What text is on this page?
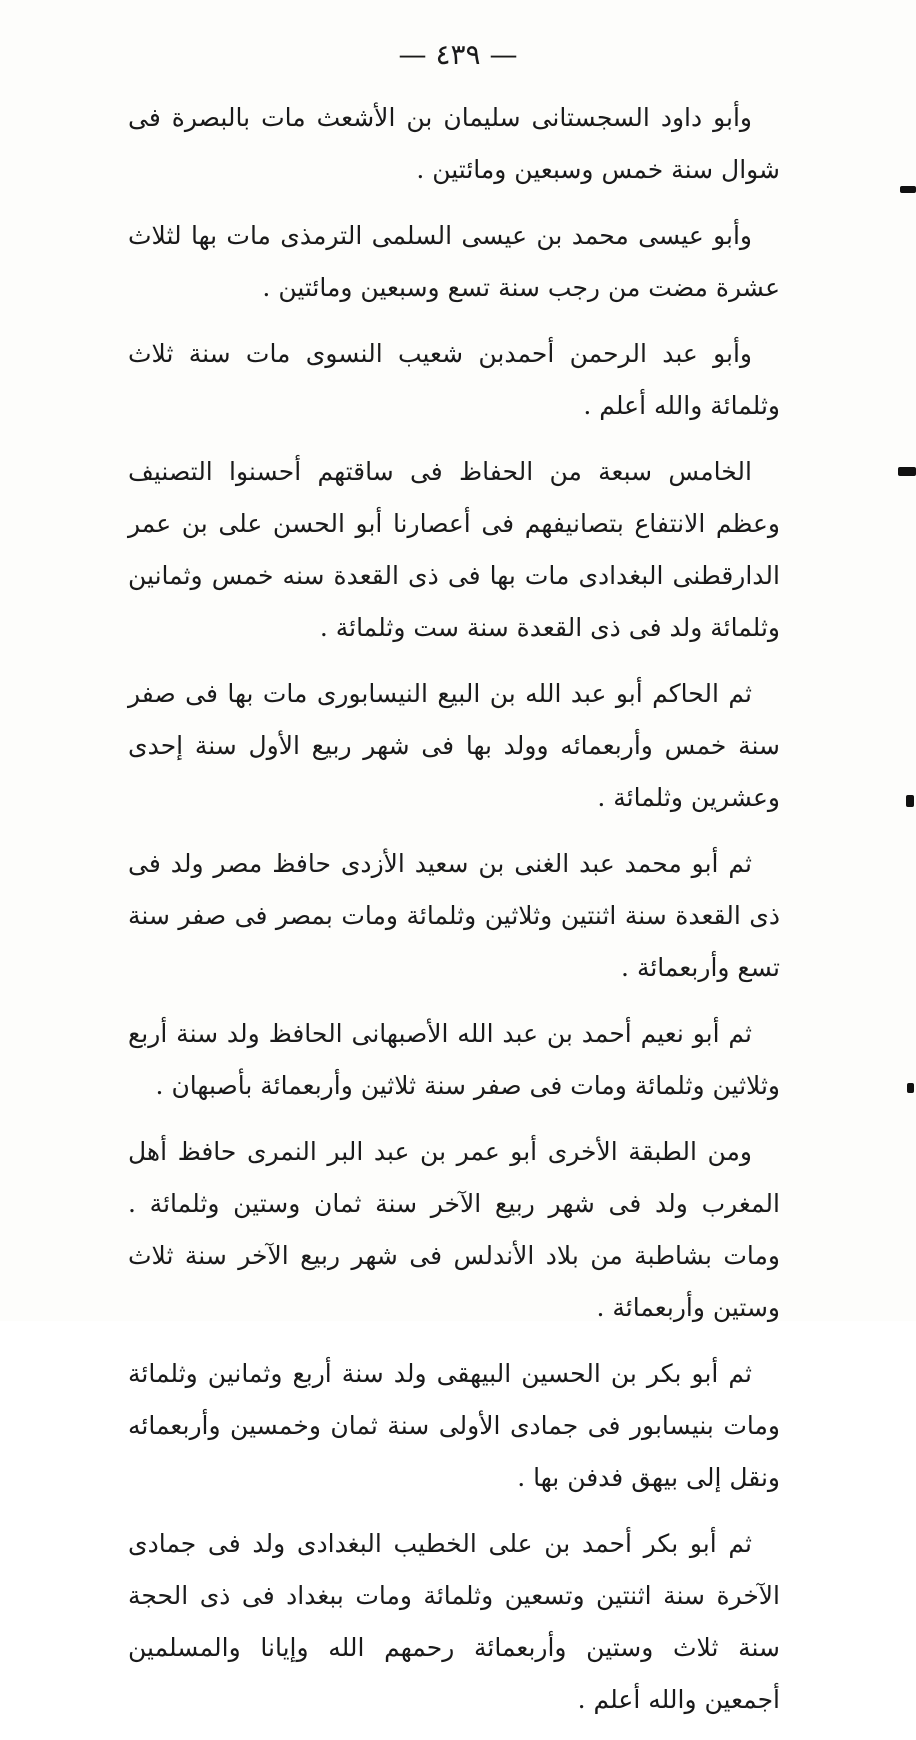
— ٤٣٩ —

وأبو داود السجستانى سليمان بن الأشعث مات بالبصرة فى شوال سنة خمس وسبعين ومائتين .

وأبو عيسى محمد بن عيسى السلمى الترمذى مات بها لثلاث عشرة مضت من رجب سنة تسع وسبعين ومائتين .

وأبو عبد الرحمن أحمدبن شعيب النسوى مات سنة ثلاث وثلمائة والله أعلم .

الخامس سبعة من الحفاظ فى ساقتهم أحسنوا التصنيف وعظم الانتفاع بتصانيفهم فى أعصارنا أبو الحسن على بن عمر الدارقطنى البغدادى مات بها فى ذى القعدة سنه خمس وثمانين وثلمائة ولد فى ذى القعدة سنة ست وثلمائة .

ثم الحاكم أبو عبد الله بن البيع النيسابورى مات بها فى صفر سنة خمس وأربعمائه وولد بها فى شهر ربيع الأول سنة إحدى وعشرين وثلمائة .

ثم أبو محمد عبد الغنى بن سعيد الأزدى حافظ مصر ولد فى ذى القعدة سنة اثنتين وثلاثين وثلمائة ومات بمصر فى صفر سنة تسع وأربعمائة .

ثم أبو نعيم أحمد بن عبد الله الأصبهانى الحافظ ولد سنة أربع وثلاثين وثلمائة ومات فى صفر سنة ثلاثين وأربعمائة بأصبهان .

ومن الطبقة الأخرى أبو عمر بن عبد البر النمرى حافظ أهل المغرب ولد فى شهر ربيع الآخر سنة ثمان وستين وثلمائة . ومات بشاطبة من بلاد الأندلس فى شهر ربيع الآخر سنة ثلاث وستين وأربعمائة .

ثم أبو بكر بن الحسين البيهقى ولد سنة أربع وثمانين وثلمائة ومات بنيسابور فى جمادى الأولى سنة ثمان وخمسين وأربعمائه ونقل إلى بيهق فدفن بها .

ثم أبو بكر أحمد بن على الخطيب البغدادى ولد فى جمادى الآخرة سنة اثنتين وتسعين وثلمائة ومات ببغداد فى ذى الحجة سنة ثلاث وستين وأربعمائة رحمهم الله وإيانا والمسلمين أجمعين والله أعلم .
